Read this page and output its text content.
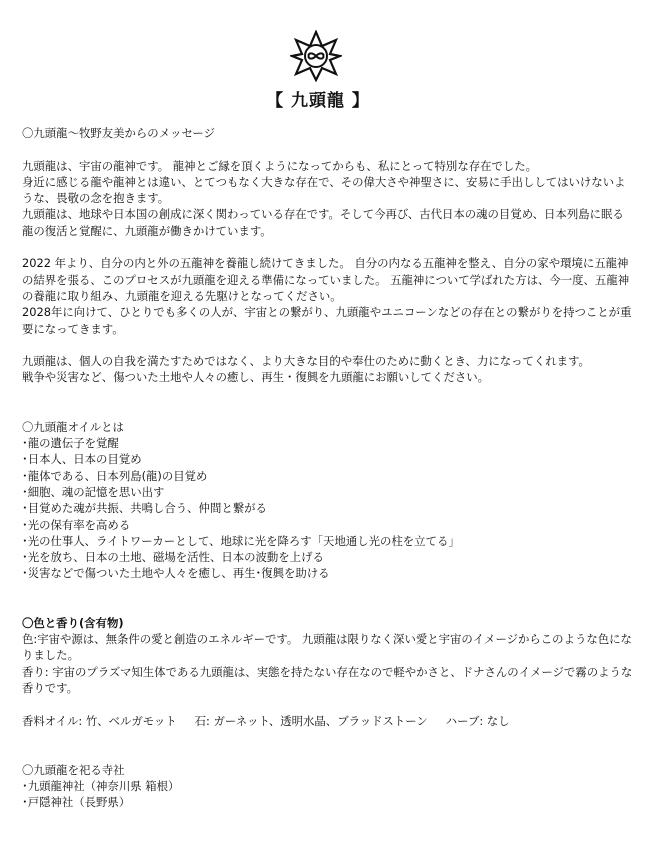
【 九頭龍 】

〇九頭龍～牧野友美からのメッセージ

九頭龍は、宇宙の龍神です。 龍神とご縁を頂くようになってからも、私にとって特別な存在でした。

身近に感じる龍や龍神とは違い、とてつもなく大きな存在で、その偉大さや神聖さに、安易に手出ししてはいけないような、畏敬の念を抱きます。

九頭龍は、地球や日本国の創成に深く関わっている存在です。そして今再び、古代日本の魂の目覚め、日本列島に眠る龍の復活と覚醒に、九頭龍が働きかけています。

2022 年より、自分の内と外の五龍神を養龍し続けてきました。 自分の内なる五龍神を整え、自分の家や環境に五龍神の結界を張る、このプロセスが九頭龍を迎える準備になっていました。 五龍神について学ばれた方は、今一度、五龍神の養龍に取り組み、九頭龍を迎える先駆けとなってください。

2028年に向けて、ひとりでも多くの人が、宇宙との繋がり、九頭龍やユニコーンなどの存在との繋がりを持つことが重要になってきます。

九頭龍は、個人の自我を満たすためではなく、より大きな目的や奉仕のために動くとき、力になってくれます。

戦争や災害など、傷ついた土地や人々の癒し、再生・復興を九頭龍にお願いしてください。

〇九頭龍オイルとは

･龍の遺伝子を覚醒

･日本人、日本の目覚め

･龍体である、日本列島(龍)の目覚め

･細胞、魂の記憶を思い出す

･目覚めた魂が共振、共鳴し合う、仲間と繋がる

･光の保有率を高める

･光の仕事人、ライトワーカーとして、地球に光を降ろす「天地通し光の柱を立てる」

･光を放ち、日本の土地、磁場を活性、日本の波動を上げる

･災害などで傷ついた土地や人々を癒し、再生･復興を助ける

〇色と香り(含有物)

色:宇宙や源は、無条件の愛と創造のエネルギーです。 九頭龍は限りなく深い愛と宇宙のイメージからこのような色になりました。

香り: 宇宙のプラズマ知生体である九頭龍は、実態を持たない存在なので軽やかさと、ドナさんのイメージで霧のような香りです。

香料オイル: 竹、ベルガモット 石: ガーネット、透明水晶、ブラッドストーン ハーブ: なし

〇九頭龍を祀る寺社

･九頭龍神社（神奈川県 箱根）

･戸隠神社（長野県）
